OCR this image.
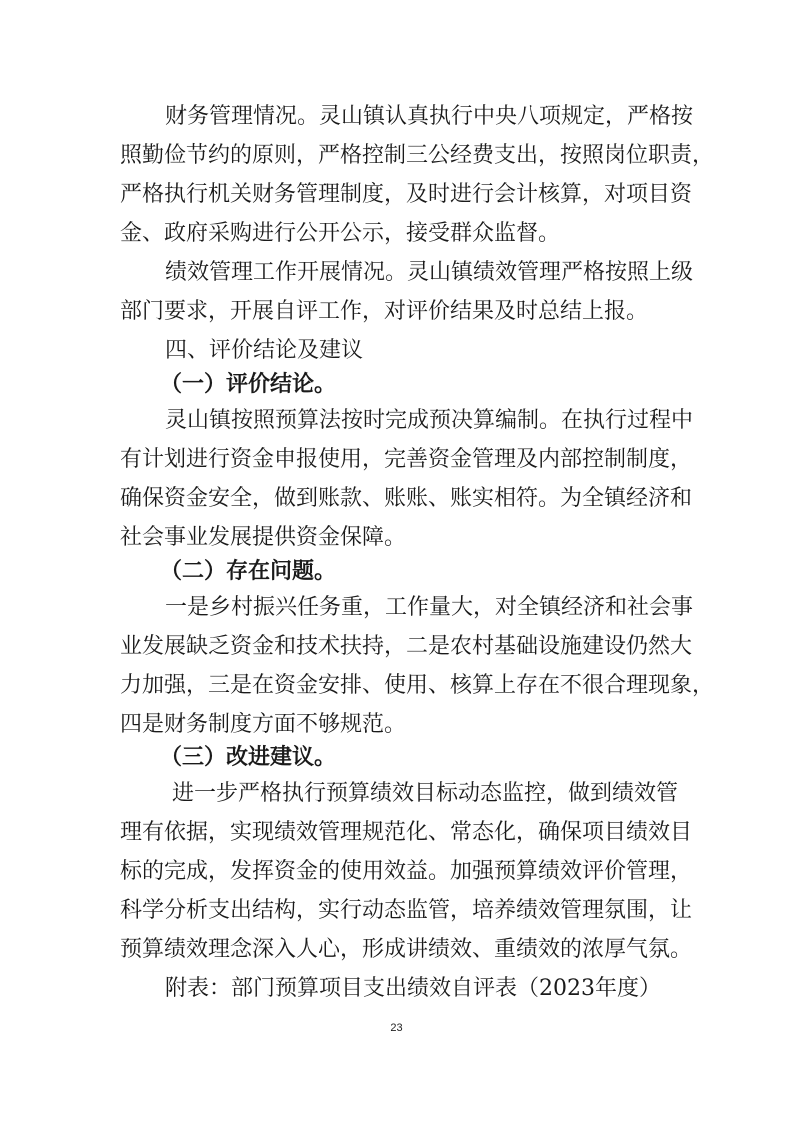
财务管理情况。灵山镇认真执行中央八项规定，严格按
照勤俭节约的原则，严格控制三公经费支出，按照岗位职责，
严格执行机关财务管理制度，及时进行会计核算，对项目资
金、政府采购进行公开公示，接受群众监督。
绩效管理工作开展情况。灵山镇绩效管理严格按照上级
部门要求，开展自评工作，对评价结果及时总结上报。
四、评价结论及建议
（一）评价结论。
灵山镇按照预算法按时完成预决算编制。在执行过程中
有计划进行资金申报使用，完善资金管理及内部控制制度，
确保资金安全，做到账款、账账、账实相符。为全镇经济和
社会事业发展提供资金保障。
（二）存在问题。
一是乡村振兴任务重，工作量大，对全镇经济和社会事
业发展缺乏资金和技术扶持，二是农村基础设施建设仍然大
力加强，三是在资金安排、使用、核算上存在不很合理现象，
四是财务制度方面不够规范。
（三）改进建议。
进一步严格执行预算绩效目标动态监控，做到绩效管
理有依据，实现绩效管理规范化、常态化，确保项目绩效目
标的完成，发挥资金的使用效益。加强预算绩效评价管理，
科学分析支出结构，实行动态监管，培养绩效管理氛围，让
预算绩效理念深入人心，形成讲绩效、重绩效的浓厚气氛。
附表：部门预算项目支出绩效自评表（2023年度）
23
